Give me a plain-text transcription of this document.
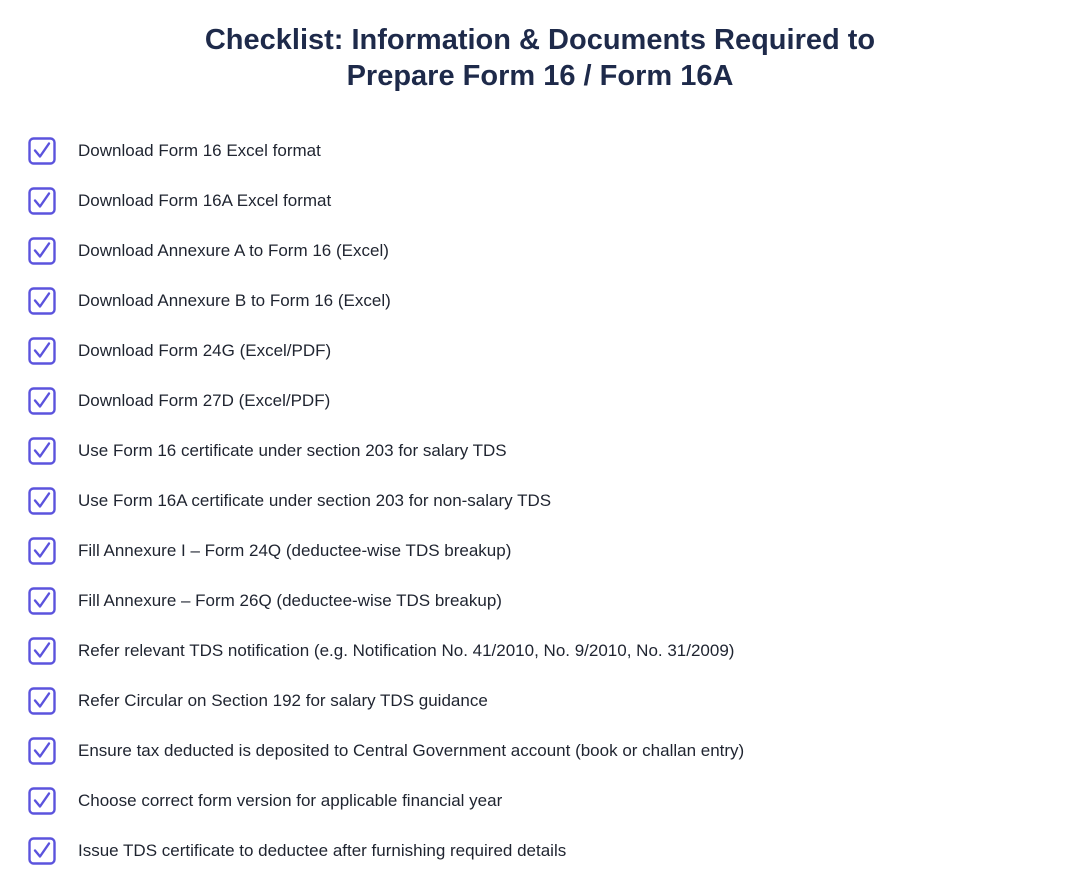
Checklist: Information & Documents Required to
Prepare Form 16 / Form 16A
Download Form 16 Excel format
Download Form 16A Excel format
Download Annexure A to Form 16 (Excel)
Download Annexure B to Form 16 (Excel)
Download Form 24G (Excel/PDF)
Download Form 27D (Excel/PDF)
Use Form 16 certificate under section 203 for salary TDS
Use Form 16A certificate under section 203 for non-salary TDS
Fill Annexure I – Form 24Q (deductee-wise TDS breakup)
Fill Annexure – Form 26Q (deductee-wise TDS breakup)
Refer relevant TDS notification (e.g. Notification No. 41/2010, No. 9/2010, No. 31/2009)
Refer Circular on Section 192 for salary TDS guidance
Ensure tax deducted is deposited to Central Government account (book or challan entry)
Choose correct form version for applicable financial year
Issue TDS certificate to deductee after furnishing required details
